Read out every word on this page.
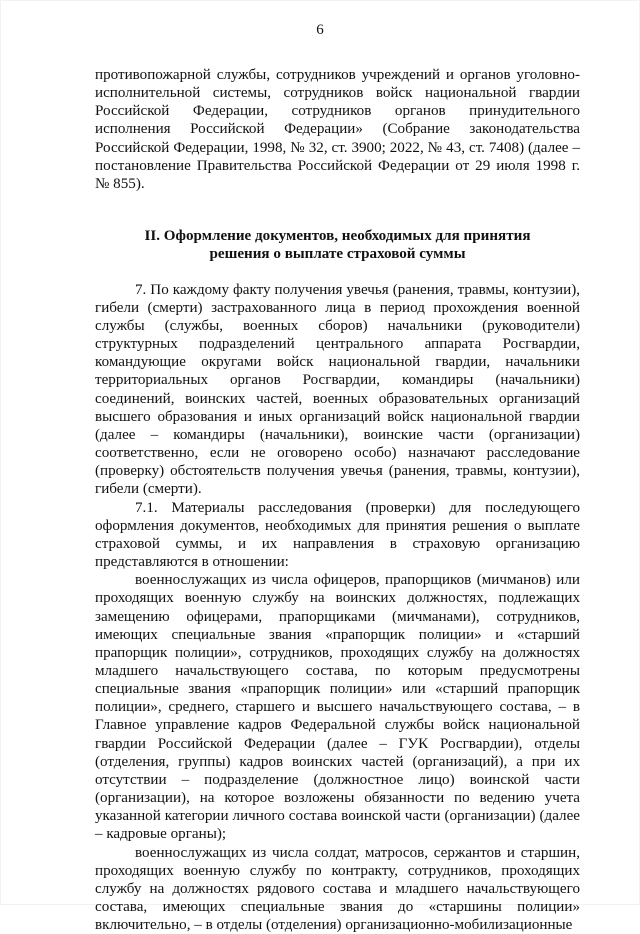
6

противопожарной службы, сотрудников учреждений и органов уголовно-исполнительной системы, сотрудников войск национальной гвардии Российской Федерации, сотрудников органов принудительного исполнения Российской Федерации» (Собрание законодательства Российской Федерации, 1998, № 32, ст. 3900; 2022, № 43, ст. 7408) (далее – постановление Правительства Российской Федерации от 29 июля 1998 г. № 855).

II. Оформление документов, необходимых для принятия
решения о выплате страховой суммы

7. По каждому факту получения увечья (ранения, травмы, контузии), гибели (смерти) застрахованного лица в период прохождения военной службы (службы, военных сборов) начальники (руководители) структурных подразделений центрального аппарата Росгвардии, командующие округами войск национальной гвардии, начальники территориальных органов Росгвардии, командиры (начальники) соединений, воинских частей, военных образовательных организаций высшего образования и иных организаций войск национальной гвардии (далее – командиры (начальники), воинские части (организации) соответственно, если не оговорено особо) назначают расследование (проверку) обстоятельств получения увечья (ранения, травмы, контузии), гибели (смерти).

7.1. Материалы расследования (проверки) для последующего оформления документов, необходимых для принятия решения о выплате страховой суммы, и их направления в страховую организацию представляются в отношении:

военнослужащих из числа офицеров, прапорщиков (мичманов) или проходящих военную службу на воинских должностях, подлежащих замещению офицерами, прапорщиками (мичманами), сотрудников, имеющих специальные звания «прапорщик полиции» и «старший прапорщик полиции», сотрудников, проходящих службу на должностях младшего начальствующего состава, по которым предусмотрены специальные звания «прапорщик полиции» или «старший прапорщик полиции», среднего, старшего и высшего начальствующего состава, – в Главное управление кадров Федеральной службы войск национальной гвардии Российской Федерации (далее – ГУК Росгвардии), отделы (отделения, группы) кадров воинских частей (организаций), а при их отсутствии – подразделение (должностное лицо) воинской части (организации), на которое возложены обязанности по ведению учета указанной категории личного состава воинской части (организации) (далее – кадровые органы);

военнослужащих из числа солдат, матросов, сержантов и старшин, проходящих военную службу по контракту, сотрудников, проходящих службу на должностях рядового состава и младшего начальствующего состава, имеющих специальные звания до «старшины полиции» включительно, – в отделы (отделения) организационно-мобилизационные
